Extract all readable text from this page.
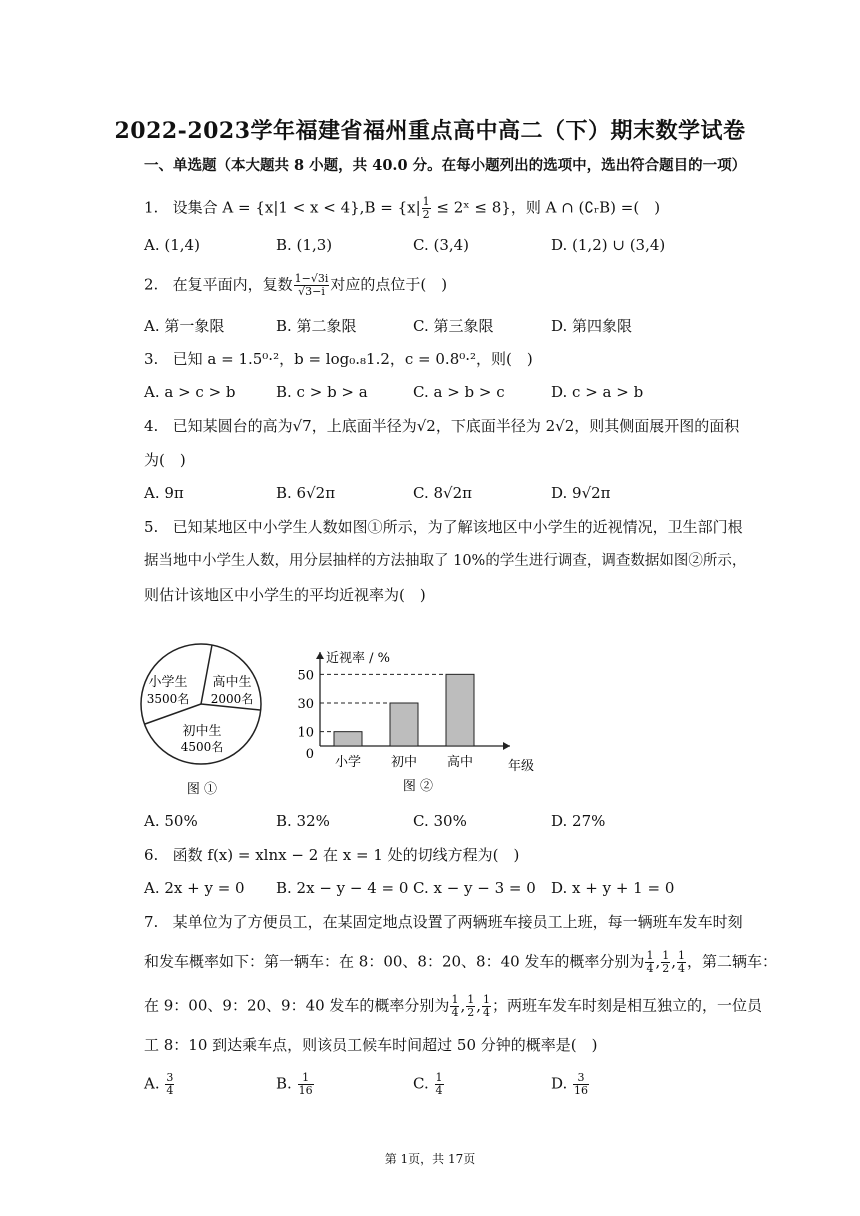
2022-2023学年福建省福州重点高中高二（下）期末数学试卷
一、单选题（本大题共 8 小题，共 40.0 分。在每小题列出的选项中，选出符合题目的一项）
1. 设集合 $A = \{x|1 < x < 4\},B = \{x| \frac{1}{2}$ ≤ 2ˣ ≤ 8}，则 A ∩ (∁ᵣB) =(　)
A. (1,4)	B. (1,3)	C. (3,4)	D. (1,2) ∪ (3,4)
2. 在复平面内，复数 $\frac{1-√3i}{√3-i}$ 对应的点位于(　)
A. 第一象限	B. 第二象限	C. 第三象限	D. 第四象限
3. 已知 a = 1.5⁰·²，b = log₀.₈1.2，c = 0.8⁰·²，则(　)
A. a > c > b	B. c > b > a	C. a > b > c	D. c > a > b
4. 已知某圆台的高为√7，上底面半径为√2，下底面半径为 2√2，则其侧面展开图的面积
为(　)
A. 9π	B. 6√2π	C. 8√2π	D. 9√2π
5. 已知某地区中小学生人数如图①所示，为了解该地区中小学生的近视情况，卫生部门根
据当地中小学生人数，用分层抽样的方法抽取了 10%的学生进行调查，调查数据如图②所示，
则估计该地区中小学生的平均近视率为(　)
小学生
3500名
高中生
2000名
初中生
4500名
图 ①
0
10
30
50
小学 初中 高中
近视率 / %
年级
图 ②
A. 50%	B. 32%	C. 30%	D. 27%
6. 函数 f(x) = xlnx − 2 在 x = 1 处的切线方程为(　)
A. 2x + y = 0 B. 2x − y − 4 = 0 C. x − y − 3 = 0 D. x + y + 1 = 0
7. 某单位为了方便员工，在某固定地点设置了两辆班车接员工上班，每一辆班车发车时刻
和发车概率如下：第一辆车：在 8：00、8：20、8：40 发车的概率分别为 $\frac{1}{4}$ , $\frac{1}{2}$ , $\frac{1}{4}$ ，第二辆车：
在 9：00、9：20、9：40 发车的概率分别为 $\frac{1}{4}$ , $\frac{1}{2}$ , $\frac{1}{4}$ ；两班车发车时刻是相互独立的，一位员
工 8：10 到达乘车点，则该员工候车时间超过 50 分钟的概率是(　)
A. $\frac{3}{4}$	B. $\frac{1}{16}$	C. $\frac{1}{4}$	D. $\frac{3}{16}$
第 1页，共 17页
